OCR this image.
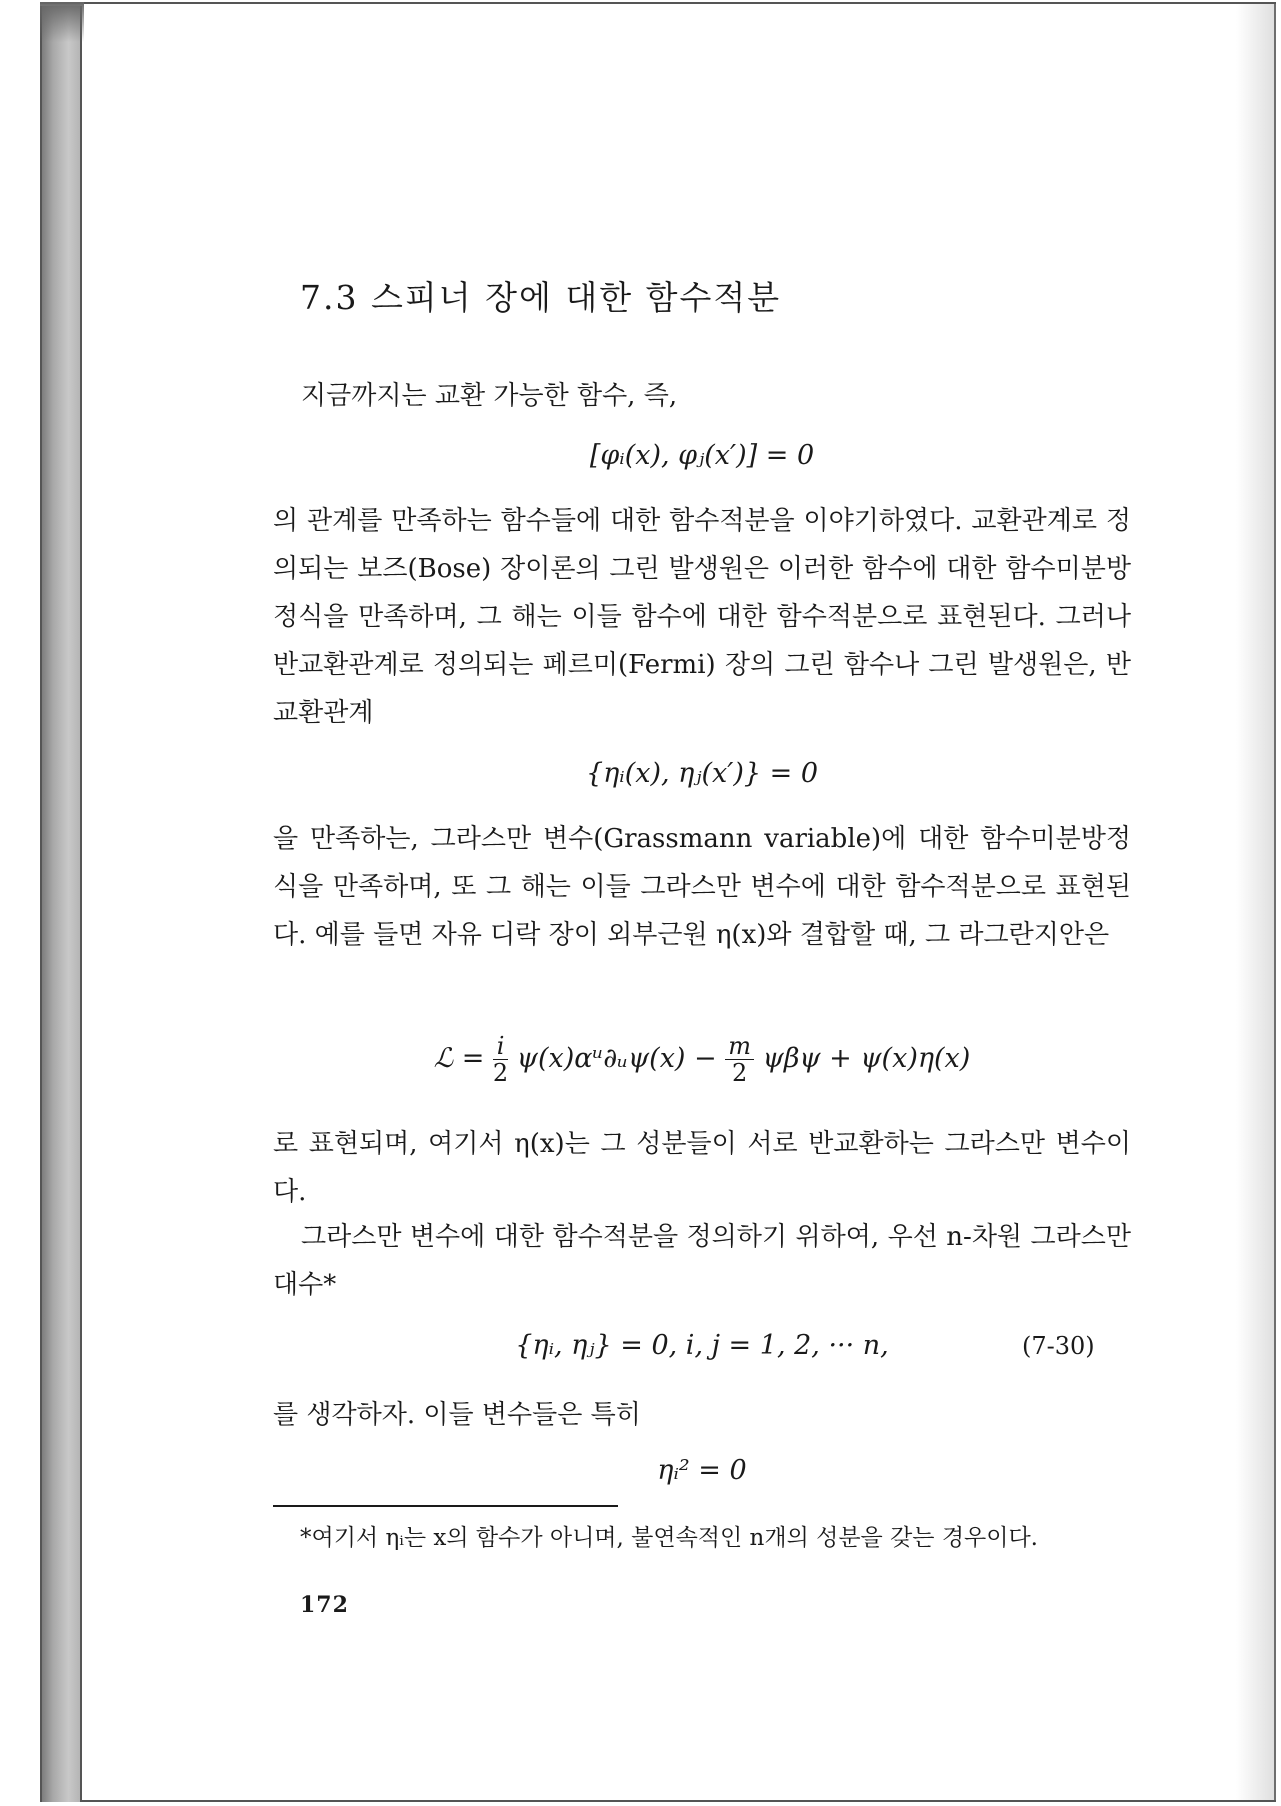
7.3 스피너 장에 대한 함수적분
지금까지는 교환 가능한 함수, 즉,
[φᵢ(x), φⱼ(x′)] = 0
의 관계를 만족하는 함수들에 대한 함수적분을 이야기하였다. 교환관계로 정의되는 보즈(Bose) 장이론의 그린 발생원은 이러한 함수에 대한 함수미분방정식을 만족하며, 그 해는 이들 함수에 대한 함수적분으로 표현된다. 그러나 반교환관계로 정의되는 페르미(Fermi) 장의 그린 함수나 그린 발생원은, 반교환관계
{ηᵢ(x), ηⱼ(x′)} = 0
을 만족하는, 그라스만 변수(Grassmann variable)에 대한 함수미분방정식을 만족하며, 또 그 해는 이들 그라스만 변수에 대한 함수적분으로 표현된다. 예를 들면 자유 디락 장이 외부근원 η(x)와 결합할 때, 그 라그란지안은
ℒ = $\frac{i}{2}$ ψ(x)αᵘ∂ᵤψ(x) − $\frac{m}{2}$ ψβψ + ψ(x)η(x)
로 표현되며, 여기서 η(x)는 그 성분들이 서로 반교환하는 그라스만 변수이다.
그라스만 변수에 대한 함수적분을 정의하기 위하여, 우선 n-차원 그라스만 대수*
{ηᵢ, ηⱼ} = 0, i, j = 1, 2, ··· n,	(7-30)
를 생각하자. 이들 변수들은 특히
ηᵢ² = 0
*여기서 ηᵢ는 x의 함수가 아니며, 불연속적인 n개의 성분을 갖는 경우이다.
172
